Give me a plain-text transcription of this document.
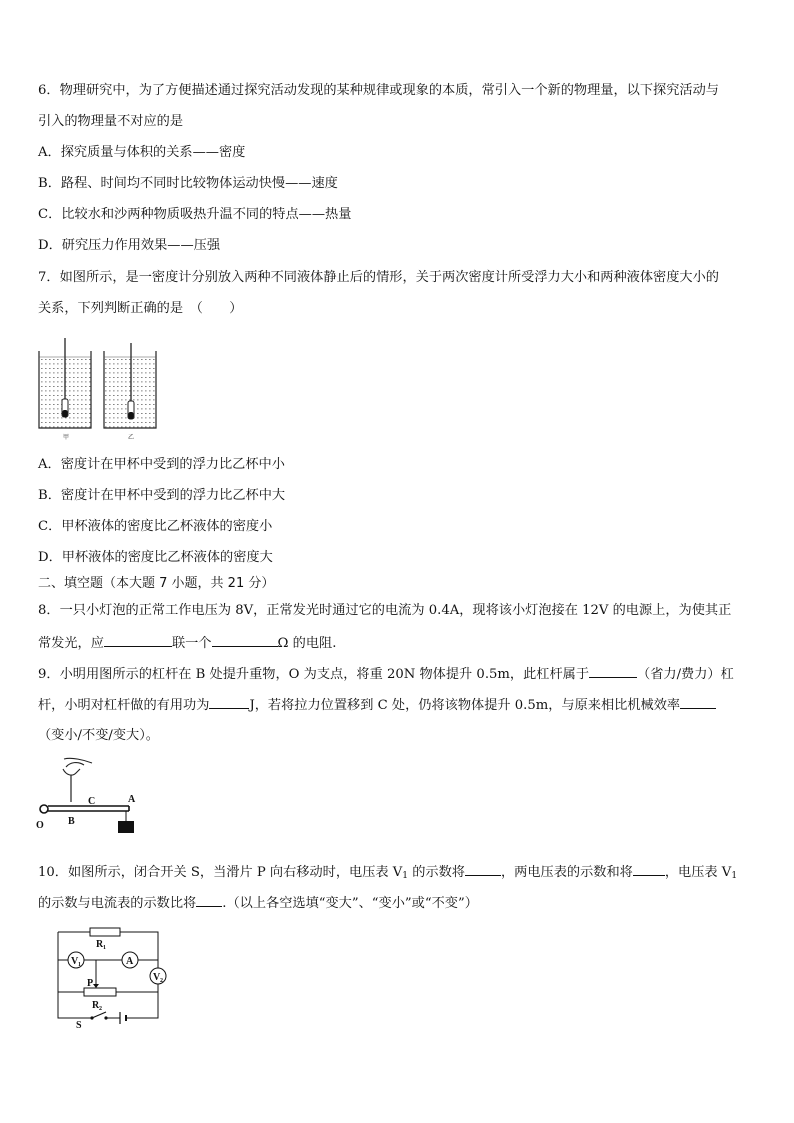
6．物理研究中，为了方便描述通过探究活动发现的某种规律或现象的本质，常引入一个新的物理量，以下探究活动与
引入的物理量不对应的是
A．探究质量与体积的关系——密度
B．路程、时间均不同时比较物体运动快慢——速度
C．比较水和沙两种物质吸热升温不同的特点——热量
D．研究压力作用效果——压强
7．如图所示，是一密度计分别放入两种不同液体静止后的情形，关于两次密度计所受浮力大小和两种液体密度大小的
关系，下列判断正确的是　（　　）
甲	乙
A．密度计在甲杯中受到的浮力比乙杯中小
B．密度计在甲杯中受到的浮力比乙杯中大
C．甲杯液体的密度比乙杯液体的密度小
D．甲杯液体的密度比乙杯液体的密度大
二、填空题（本大题 7 小题，共 21 分）
8．一只小灯泡的正常工作电压为 8V，正常发光时通过它的电流为 0.4A，现将该小灯泡接在 12V 的电源上，为使其正
常发光，应	联一个	Ω 的电阻.
9．小明用图所示的杠杆在 B 处提升重物，O 为支点，将重 20N 物体提升 0.5m，此杠杆属于	（省力/费力）杠
杆，小明对杠杆做的有用功为	J，若将拉力位置移到 C 处，仍将该物体提升 0.5m，与原来相比机械效率
（变小/不变/变大）。
O B
C	A
10．如图所示，闭合开关 S，当滑片 P 向右移动时，电压表 $V_1$ 的示数将	，两电压表的示数和将 ，电压表 $V_1$
的示数与电流表的示数比将 .（以上各空选填“变大”、“变小”或“不变”）
V 1	A
V 2
R 1
P
R 2
S
